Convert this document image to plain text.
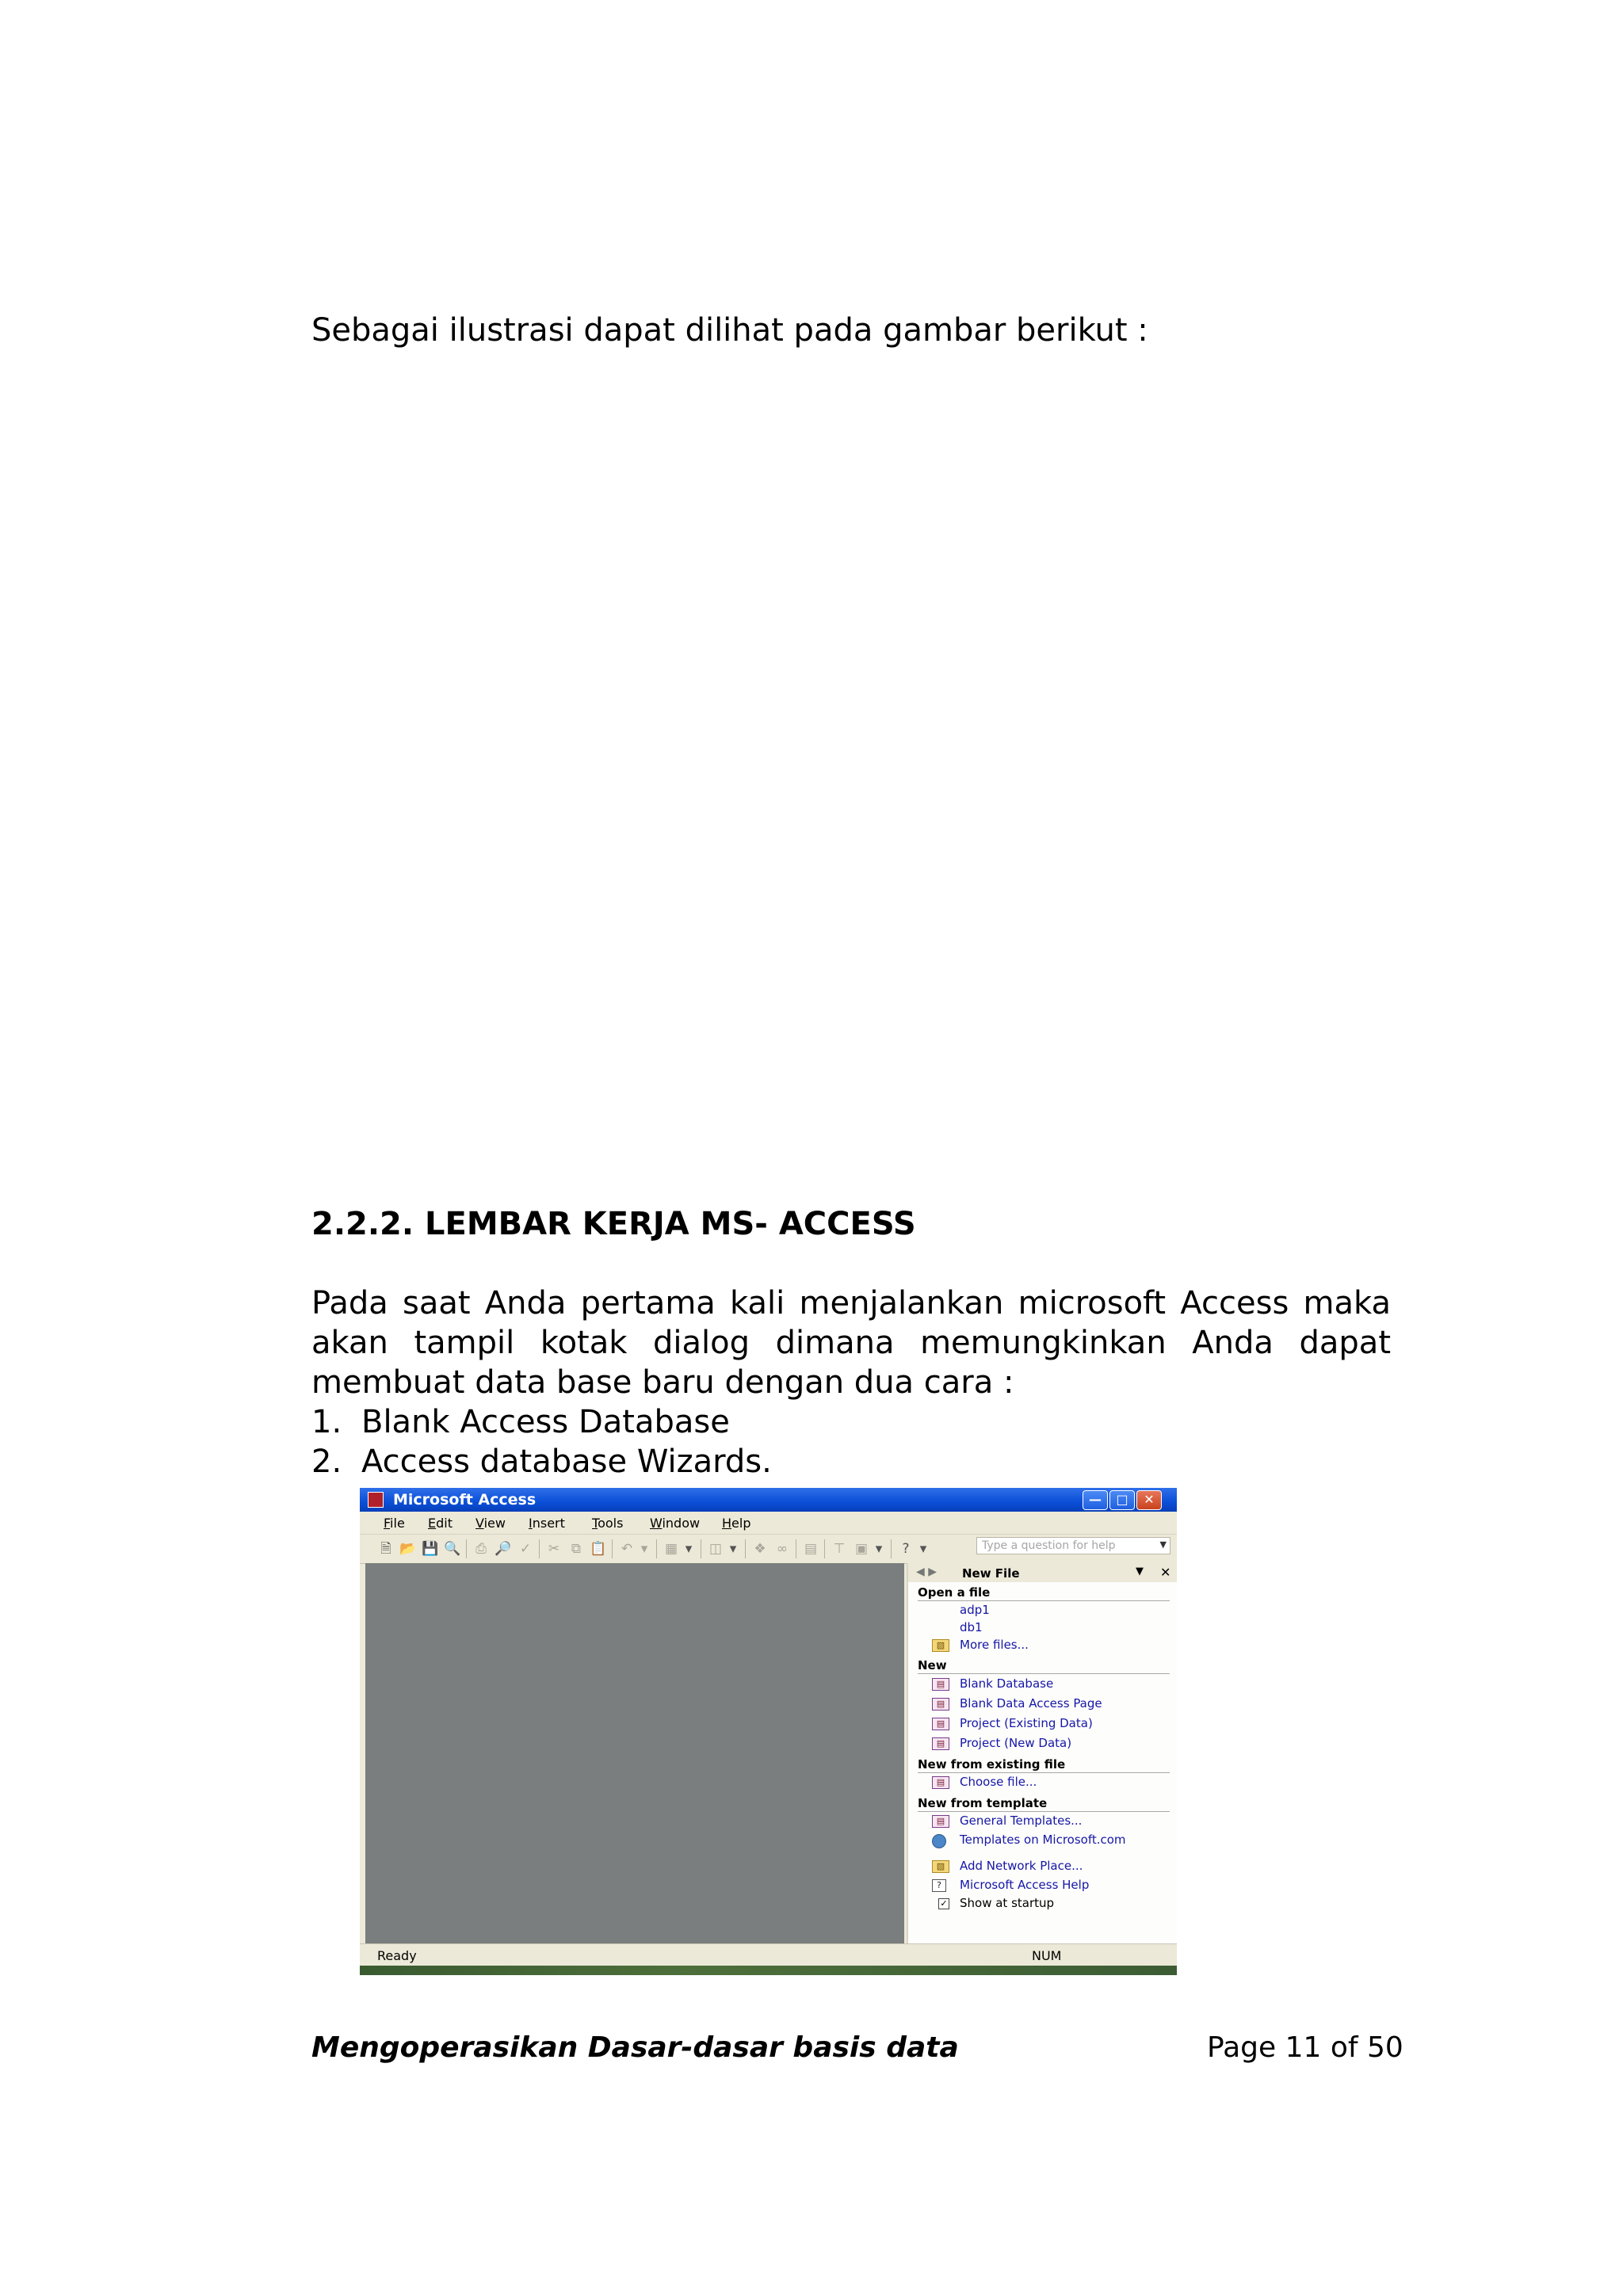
Sebagai ilustrasi dapat dilihat pada gambar berikut :
2.2.2. LEMBAR KERJA MS- ACCESS
Pada saat Anda pertama kali menjalankan microsoft Access maka akan tampil kotak dialog dimana memungkinkan Anda dapat membuat data base baru dengan dua cara :
1. Blank Access Database
2. Access database Wizards.
Microsoft Access	—	□	✕
File Edit View Insert Tools Window Help
Type a question for help	▼
🗎 📂 💾 🔍 ⎙ 🔎 ✓ ✂ ⧉ 📋 ↶ ▾	▦ ▾	◫ ▾	❖ ∞ ▤ ⊤ ▣ ▾	? ▾
◀ ▶ New File	▼ ✕
Open a file
adp1
db1
▧	More files...
New
▤	Blank Database
▤	Blank Data Access Page
▤	Project (Existing Data)
▤	Project (New Data)
New from existing file
▤	Choose file...
New from template
▤	General Templates...
Templates on Microsoft.com
▧	Add Network Place...
?	Microsoft Access Help
✓ Show at startup
Ready	NUM
Mengoperasikan Dasar-dasar basis data	Page 11 of 50
